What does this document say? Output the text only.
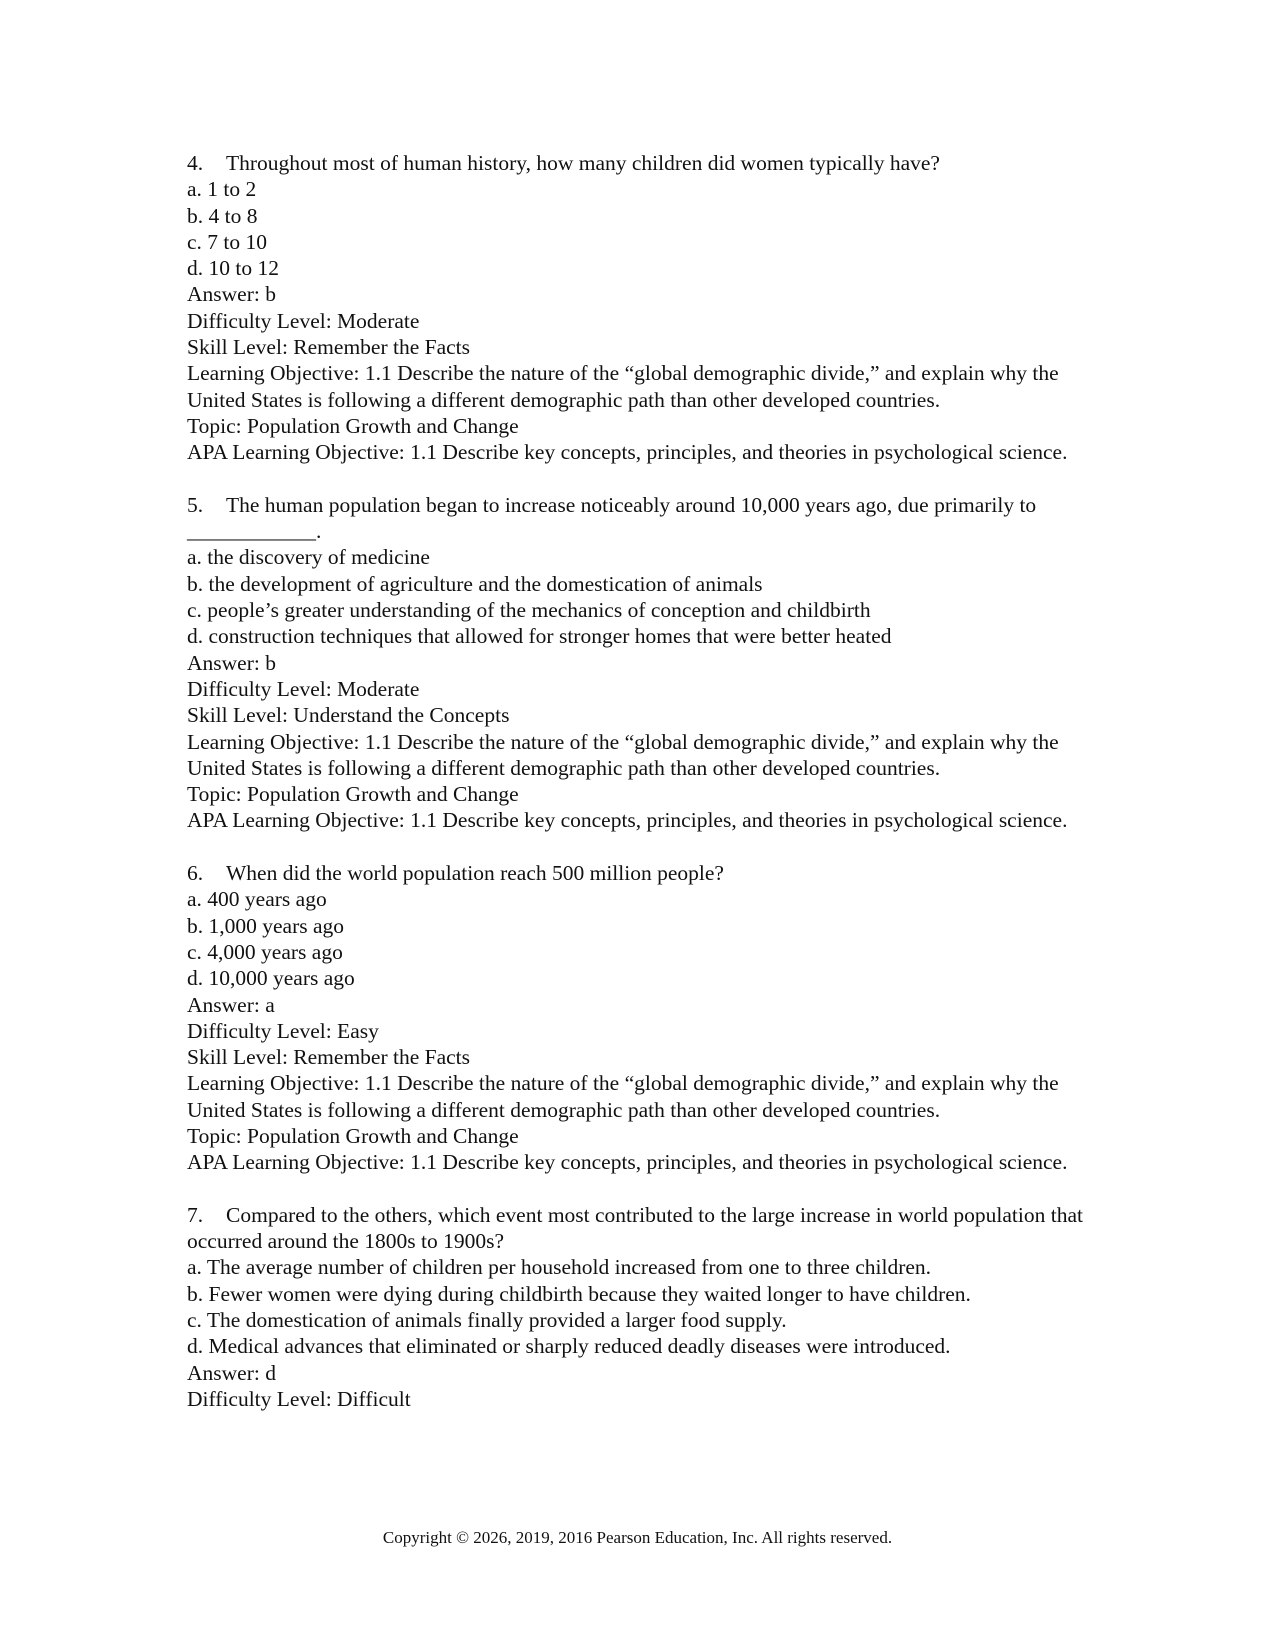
4. Throughout most of human history, how many children did women typically have?
a. 1 to 2
b. 4 to 8
c. 7 to 10
d. 10 to 12
Answer: b
Difficulty Level: Moderate
Skill Level: Remember the Facts
Learning Objective: 1.1 Describe the nature of the “global demographic divide,” and explain why the United States is following a different demographic path than other developed countries.
Topic: Population Growth and Change
APA Learning Objective: 1.1 Describe key concepts, principles, and theories in psychological science.
5. The human population began to increase noticeably around 10,000 years ago, due primarily to ____________.
a. the discovery of medicine
b. the development of agriculture and the domestication of animals
c. people’s greater understanding of the mechanics of conception and childbirth
d. construction techniques that allowed for stronger homes that were better heated
Answer: b
Difficulty Level: Moderate
Skill Level: Understand the Concepts
Learning Objective: 1.1 Describe the nature of the “global demographic divide,” and explain why the United States is following a different demographic path than other developed countries.
Topic: Population Growth and Change
APA Learning Objective: 1.1 Describe key concepts, principles, and theories in psychological science.
6. When did the world population reach 500 million people?
a. 400 years ago
b. 1,000 years ago
c. 4,000 years ago
d. 10,000 years ago
Answer: a
Difficulty Level: Easy
Skill Level: Remember the Facts
Learning Objective: 1.1 Describe the nature of the “global demographic divide,” and explain why the United States is following a different demographic path than other developed countries.
Topic: Population Growth and Change
APA Learning Objective: 1.1 Describe key concepts, principles, and theories in psychological science.
7. Compared to the others, which event most contributed to the large increase in world population that occurred around the 1800s to 1900s?
a. The average number of children per household increased from one to three children.
b. Fewer women were dying during childbirth because they waited longer to have children.
c. The domestication of animals finally provided a larger food supply.
d. Medical advances that eliminated or sharply reduced deadly diseases were introduced.
Answer: d
Difficulty Level: Difficult
Copyright © 2026, 2019, 2016 Pearson Education, Inc. All rights reserved.
